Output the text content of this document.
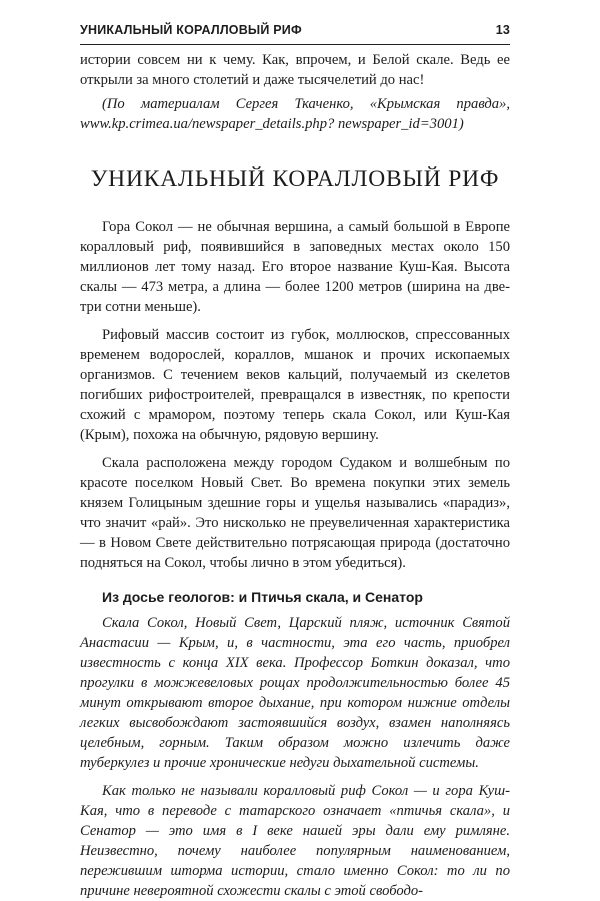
УНИКАЛЬНЫЙ КОРАЛЛОВЫЙ РИФ	13

истории совсем ни к чему. Как, впрочем, и Белой скале. Ведь ее открыли за много столетий и даже тысячелетий до нас!

(По материалам Сергея Ткаченко, «Крымская правда», www.kp.crimea.ua/newspaper_details.php? newspaper_id=3001)

УНИКАЛЬНЫЙ КОРАЛЛОВЫЙ РИФ

Гора Сокол — не обычная вершина, а самый большой в Европе коралловый риф, появившийся в заповедных местах около 150 миллионов лет тому назад. Его второе название Куш-Кая. Высота скалы — 473 метра, а длина — более 1200 метров (ширина на две-три сотни меньше).

Рифовый массив состоит из губок, моллюсков, спрессованных временем водорослей, кораллов, мшанок и прочих ископаемых организмов. С течением веков кальций, получаемый из скелетов погибших рифостроителей, превращался в известняк, по крепости схожий с мрамором, поэтому теперь скала Сокол, или Куш-Кая (Крым), похожа на обычную, рядовую вершину.

Скала расположена между городом Судаком и волшебным по красоте поселком Новый Свет. Во времена покупки этих земель князем Голицыным здешние горы и ущелья назывались «парадиз», что значит «рай». Это нисколько не преувеличенная характеристика — в Новом Свете действительно потрясающая природа (достаточно подняться на Сокол, чтобы лично в этом убедиться).

Из досье геологов: и Птичья скала, и Сенатор

Скала Сокол, Новый Свет, Царский пляж, источник Святой Анастасии — Крым, и, в частности, эта его часть, приобрел известность с конца XIX века. Профессор Боткин доказал, что прогулки в можжевеловых рощах продолжительностью более 45 минут открывают второе дыхание, при котором нижние отделы легких высвобождают застоявшийся воздух, взамен наполняясь целебным, горным. Таким образом можно излечить даже туберкулез и прочие хронические недуги дыхательной системы.

Как только не называли коралловый риф Сокол — и гора Куш-Кая, что в переводе с татарского означает «птичья скала», и Сенатор — это имя в I веке нашей эры дали ему римляне. Неизвестно, почему наиболее популярным наименованием, пережившим шторма истории, стало именно Сокол: то ли по причине невероятной схожести скалы с этой свободо-
